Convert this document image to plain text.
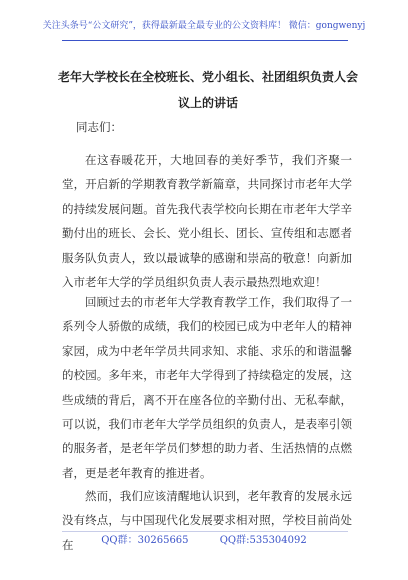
关注头条号“公文研究”，获得最新最全最专业的公文资料库！ 微信：gongwenyj
老年大学校长在全校班长、党小组长、社团组织负责人会议上的讲话
同志们：

在这春暖花开，大地回春的美好季节，我们齐聚一堂，开启新的学期教育教学新篇章，共同探讨市老年大学的持续发展问题。首先我代表学校向长期在市老年大学辛勤付出的班长、会长、党小组长、团长、宣传组和志愿者服务队负责人，致以最诚挚的感谢和崇高的敬意！向新加入市老年大学的学员组织负责人表示最热烈地欢迎！

回顾过去的市老年大学教育教学工作，我们取得了一系列令人骄傲的成绩，我们的校园已成为中老年人的精神家园，成为中老年学员共同求知、求能、求乐的和谐温馨的校园。多年来，市老年大学得到了持续稳定的发展，这些成绩的背后，离不开在座各位的辛勤付出、无私奉献，可以说，我们市老年大学学员组织的负责人，是表率引领的服务者，是老年学员们梦想的助力者、生活热情的点燃者，更是老年教育的推进者。

然而，我们应该清醒地认识到，老年教育的发展永远没有终点，与中国现代化发展要求相对照，学校目前尚处在	QQ群：30265665	QQ群:535304092
